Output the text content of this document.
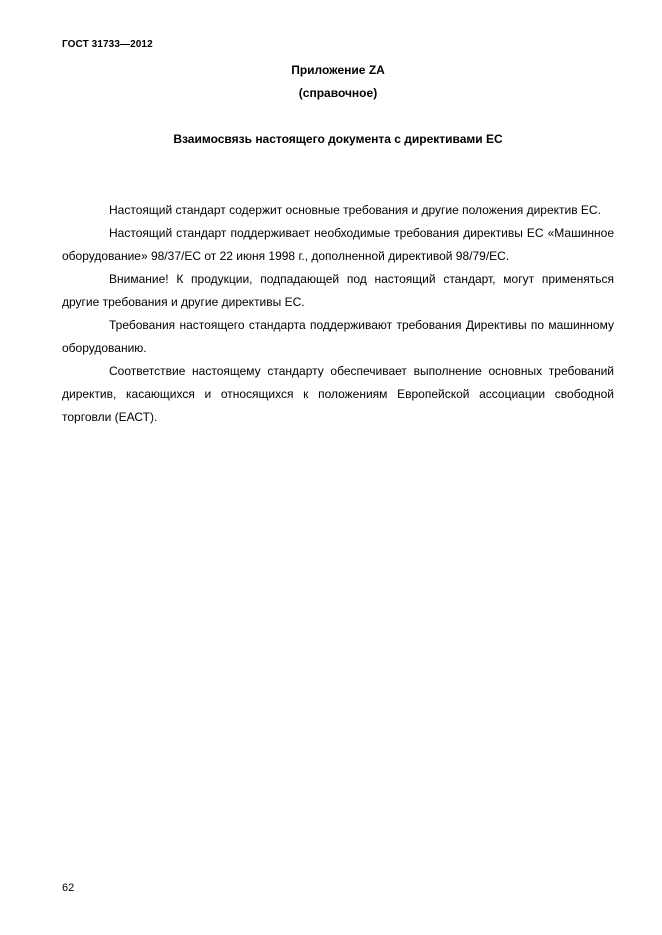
ГОСТ 31733—2012
Приложение ZA
(справочное)
Взаимосвязь настоящего документа с директивами ЕС

Настоящий стандарт содержит основные требования и другие положения директив ЕС.

Настоящий стандарт поддерживает необходимые требования директивы ЕС «Машинное оборудование» 98/37/ЕС от 22 июня 1998 г., дополненной директивой 98/79/ЕС.

Внимание! К продукции, подпадающей под настоящий стандарт, могут применяться другие требования и другие директивы ЕС.

Требования настоящего стандарта поддерживают требования Директивы по машинному оборудованию.

Соответствие настоящему стандарту обеспечивает выполнение основных требований директив, касающихся и относящихся к положениям Европейской ассоциации свободной торговли (ЕАСТ).

62
